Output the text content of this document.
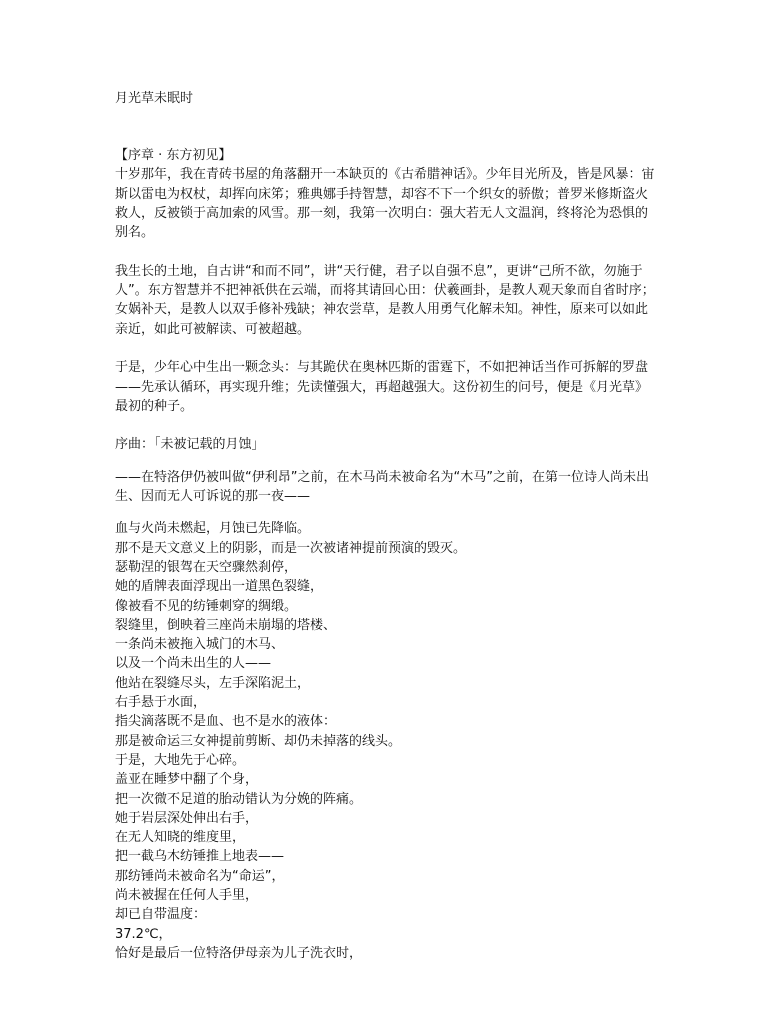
月光草未眠时

【序章 · 东方初见】

十岁那年，我在青砖书屋的角落翻开一本缺页的《古希腊神话》。少年目光所及，皆是风暴：宙斯以雷电为权杖，却挥向床笫；雅典娜手持智慧，却容不下一个织女的骄傲；普罗米修斯盗火救人，反被锁于高加索的风雪。那一刻，我第一次明白：强大若无人文温润，终将沦为恐惧的别名。

我生长的土地，自古讲“和而不同”，讲“天行健，君子以自强不息”，更讲“己所不欲，勿施于人”。东方智慧并不把神祇供在云端，而将其请回心田：伏羲画卦，是教人观天象而自省时序；女娲补天，是教人以双手修补残缺；神农尝草，是教人用勇气化解未知。神性，原来可以如此亲近，如此可被解读、可被超越。

于是，少年心中生出一颗念头：与其跪伏在奥林匹斯的雷霆下，不如把神话当作可拆解的罗盘——先承认循环，再实现升维；先读懂强大，再超越强大。这份初生的问号，便是《月光草》最初的种子。

序曲：「未被记载的月蚀」

——在特洛伊仍被叫做“伊利昂”之前，在木马尚未被命名为“木马”之前，在第一位诗人尚未出生、因而无人可诉说的那一夜——

血与火尚未燃起，月蚀已先降临。

那不是天文意义上的阴影，而是一次被诸神提前预演的毁灭。

瑟勒涅的银驾在天空骤然刹停，

她的盾牌表面浮现出一道黑色裂缝，

像被看不见的纺锤刺穿的绸缎。

裂缝里，倒映着三座尚未崩塌的塔楼、

一条尚未被拖入城门的木马、

以及一个尚未出生的人——

他站在裂缝尽头，左手深陷泥土，

右手悬于水面，

指尖滴落既不是血、也不是水的液体：

那是被命运三女神提前剪断、却仍未掉落的线头。

于是，大地先于心碎。

盖亚在睡梦中翻了个身，

把一次微不足道的胎动错认为分娩的阵痛。

她于岩层深处伸出右手，

在无人知晓的维度里，

把一截乌木纺锤推上地表——

那纺锤尚未被命名为“命运”，

尚未被握在任何人手里，

却已自带温度：

37.2℃，

恰好是最后一位特洛伊母亲为儿子洗衣时，
